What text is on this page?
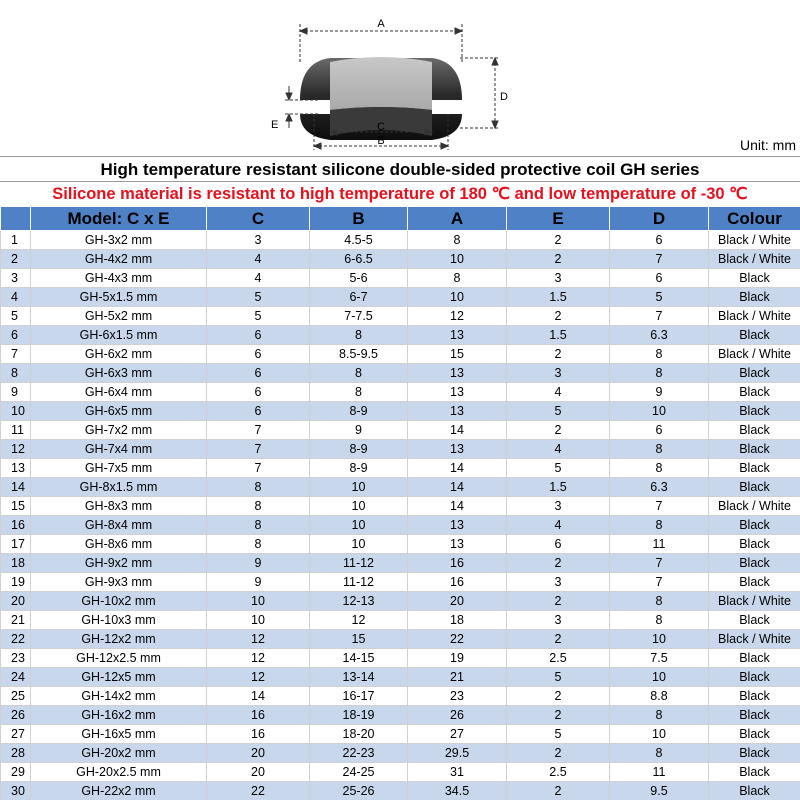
A
D
C
B
E
Unit: mm
High temperature resistant silicone double-sided protective coil GH series
Silicone material is resistant to high temperature of 180 ℃ and low temperature of -30 ℃
	Model: C x E	C	B	A	E	D	Colour
1	GH-3x2 mm	3	4.5-5	8	2	6	Black / White
2	GH-4x2 mm	4	6-6.5	10	2	7	Black / White
3	GH-4x3 mm	4	5-6	8	3	6	Black
4	GH-5x1.5 mm	5	6-7	10	1.5	5	Black
5	GH-5x2 mm	5	7-7.5	12	2	7	Black / White
6	GH-6x1.5 mm	6	8	13	1.5	6.3	Black
7	GH-6x2 mm	6	8.5-9.5	15	2	8	Black / White
8	GH-6x3 mm	6	8	13	3	8	Black
9	GH-6x4 mm	6	8	13	4	9	Black
10	GH-6x5 mm	6	8-9	13	5	10	Black
11	GH-7x2 mm	7	9	14	2	6	Black
12	GH-7x4 mm	7	8-9	13	4	8	Black
13	GH-7x5 mm	7	8-9	14	5	8	Black
14	GH-8x1.5 mm	8	10	14	1.5	6.3	Black
15	GH-8x3 mm	8	10	14	3	7	Black / White
16	GH-8x4 mm	8	10	13	4	8	Black
17	GH-8x6 mm	8	10	13	6	11	Black
18	GH-9x2 mm	9	11-12	16	2	7	Black
19	GH-9x3 mm	9	11-12	16	3	7	Black
20	GH-10x2 mm	10	12-13	20	2	8	Black / White
21	GH-10x3 mm	10	12	18	3	8	Black
22	GH-12x2 mm	12	15	22	2	10	Black / White
23	GH-12x2.5 mm	12	14-15	19	2.5	7.5	Black
24	GH-12x5 mm	12	13-14	21	5	10	Black
25	GH-14x2 mm	14	16-17	23	2	8.8	Black
26	GH-16x2 mm	16	18-19	26	2	8	Black
27	GH-16x5 mm	16	18-20	27	5	10	Black
28	GH-20x2 mm	20	22-23	29.5	2	8	Black
29	GH-20x2.5 mm	20	24-25	31	2.5	11	Black
30	GH-22x2 mm	22	25-26	34.5	2	9.5	Black
